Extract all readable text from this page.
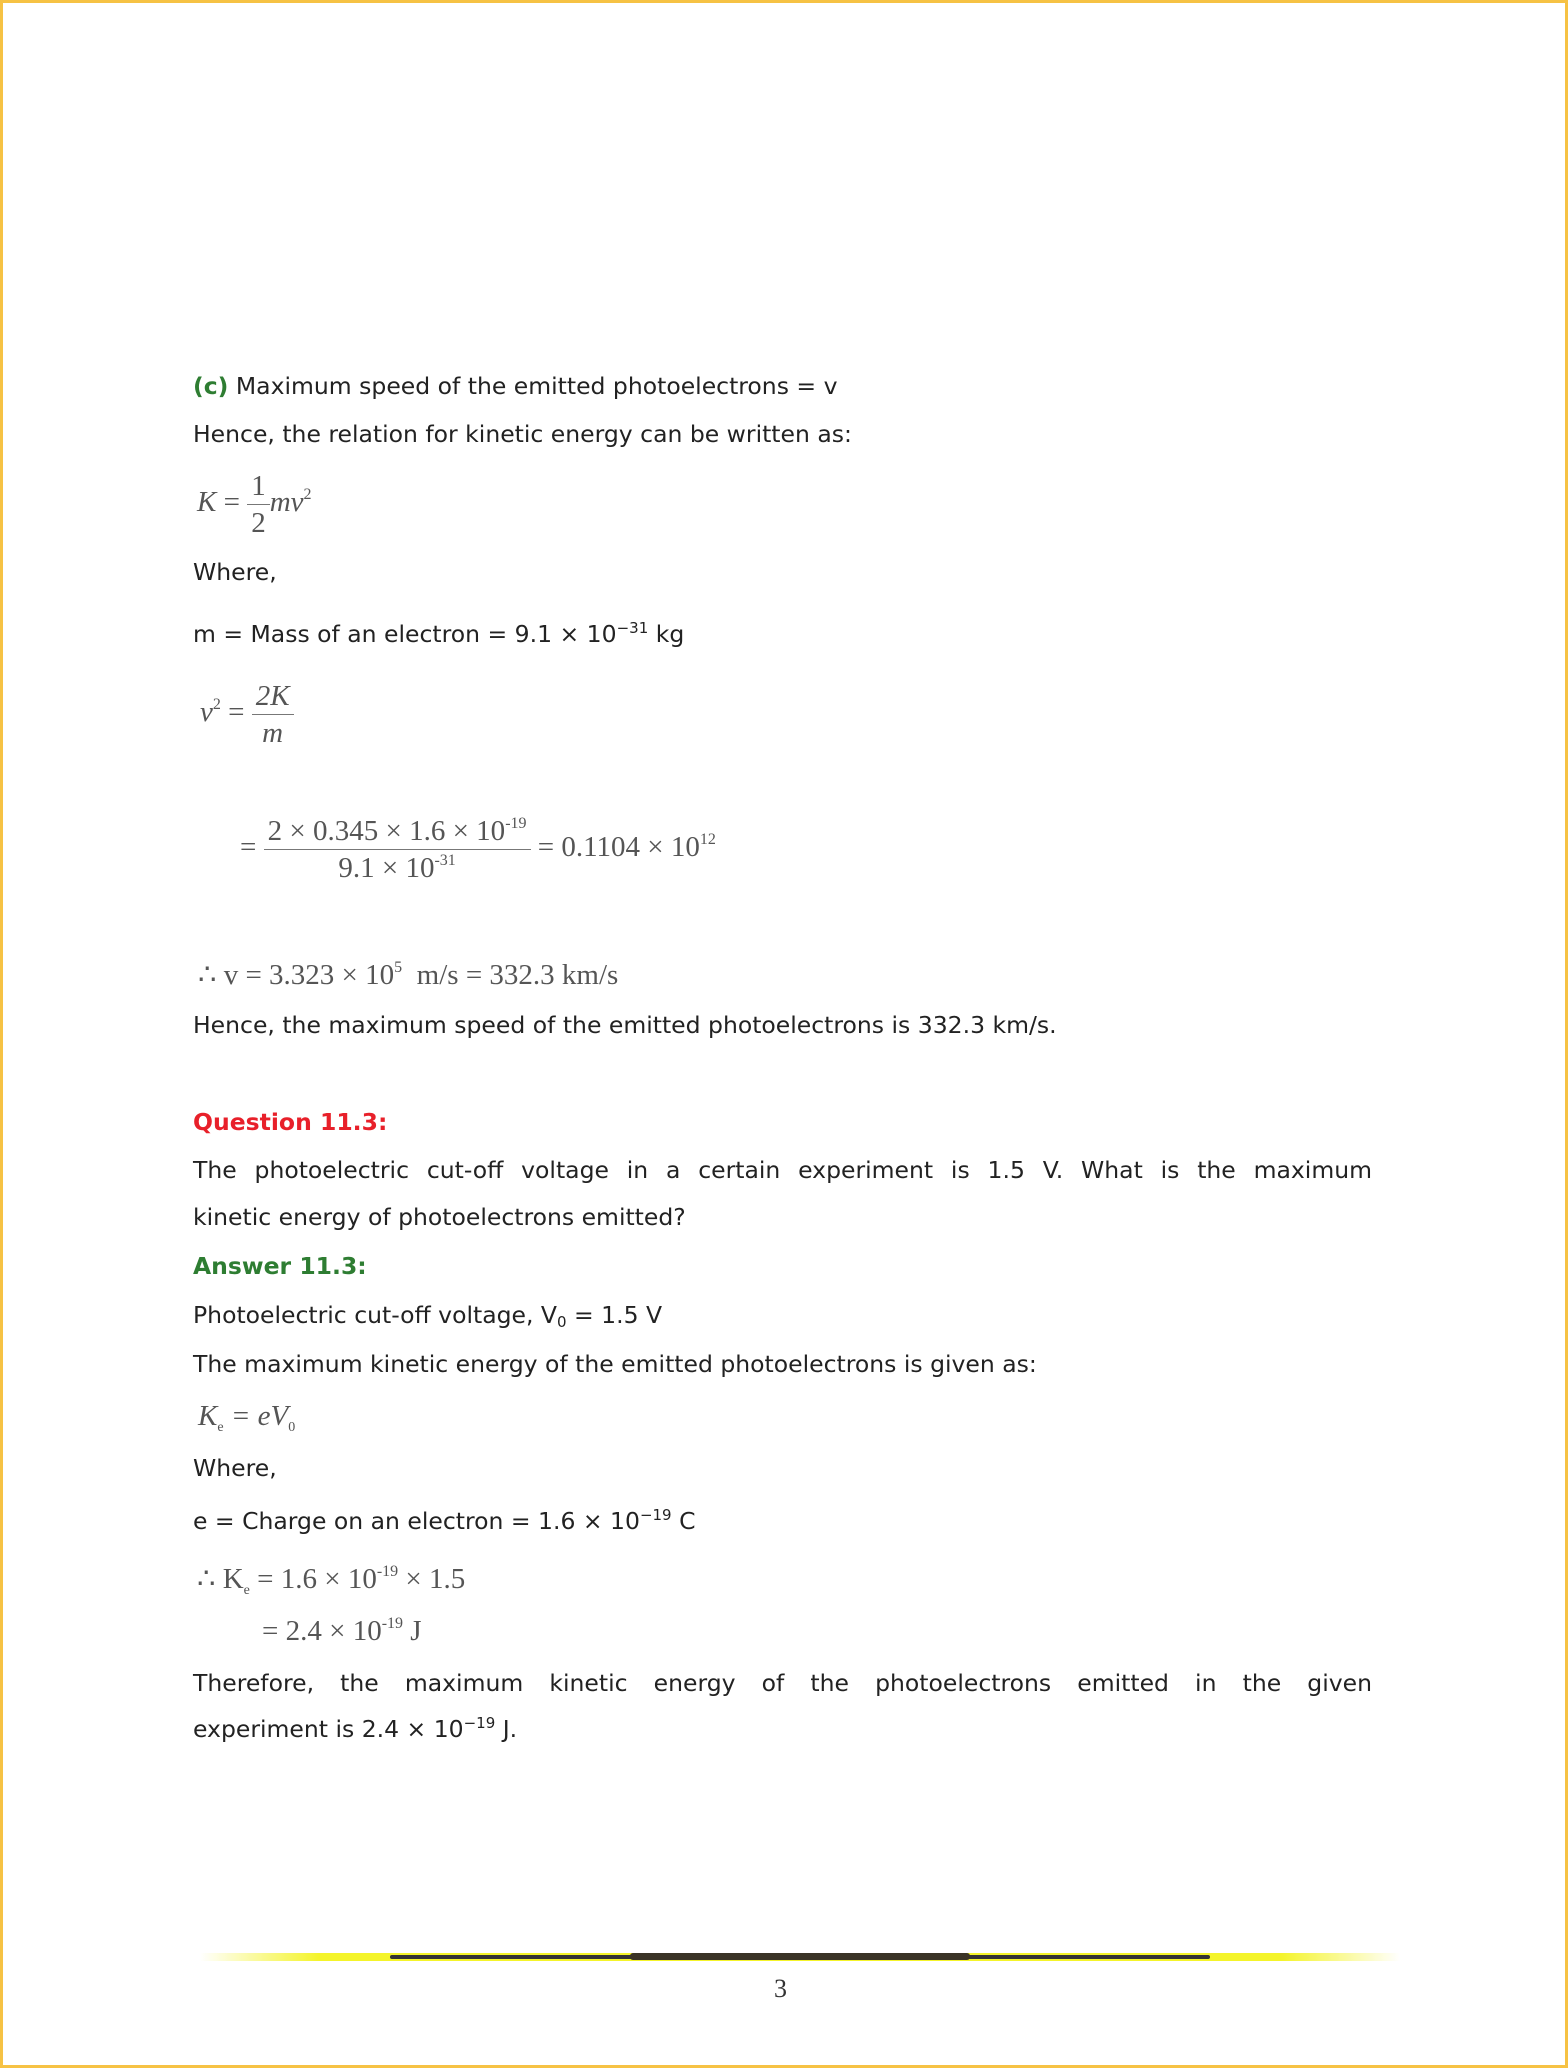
(c) Maximum speed of the emitted photoelectrons = v
Hence, the relation for kinetic energy can be written as:
$K = \frac{1}{2} mv^2$
Where,
m = Mass of an electron = $9.1 \times 10^{-31}$ kg
$v^2 = \frac{2K}{m}$
= $\frac{2 \times 0.345 \times 1.6 \times 10^{-19}}{9.1 \times 10^{-31}} = 0.1104 \times 10^{12}$
∴ $v = 3.323 \times 10^5$  m/s = 332.3 km/s
Hence, the maximum speed of the emitted photoelectrons is 332.3 km/s.
Question 11.3:
The photoelectric cut-off voltage in a certain experiment is 1.5 V. What is the maximum
kinetic energy of photoelectrons emitted?
Answer 11.3:
Photoelectric cut-off voltage, $V_0 = 1.5$ V
The maximum kinetic energy of the emitted photoelectrons is given as:
$K_e = eV_0$
Where,
e = Charge on an electron = $1.6 \times 10^{-19}$ C
∴ $K_e = 1.6 \times 10^{-19} \times 1.5$
= $2.4 \times 10^{-19}$ J
Therefore, the maximum kinetic energy of the photoelectrons emitted in the given
experiment is $2.4 \times 10^{-19}$ J.
3
